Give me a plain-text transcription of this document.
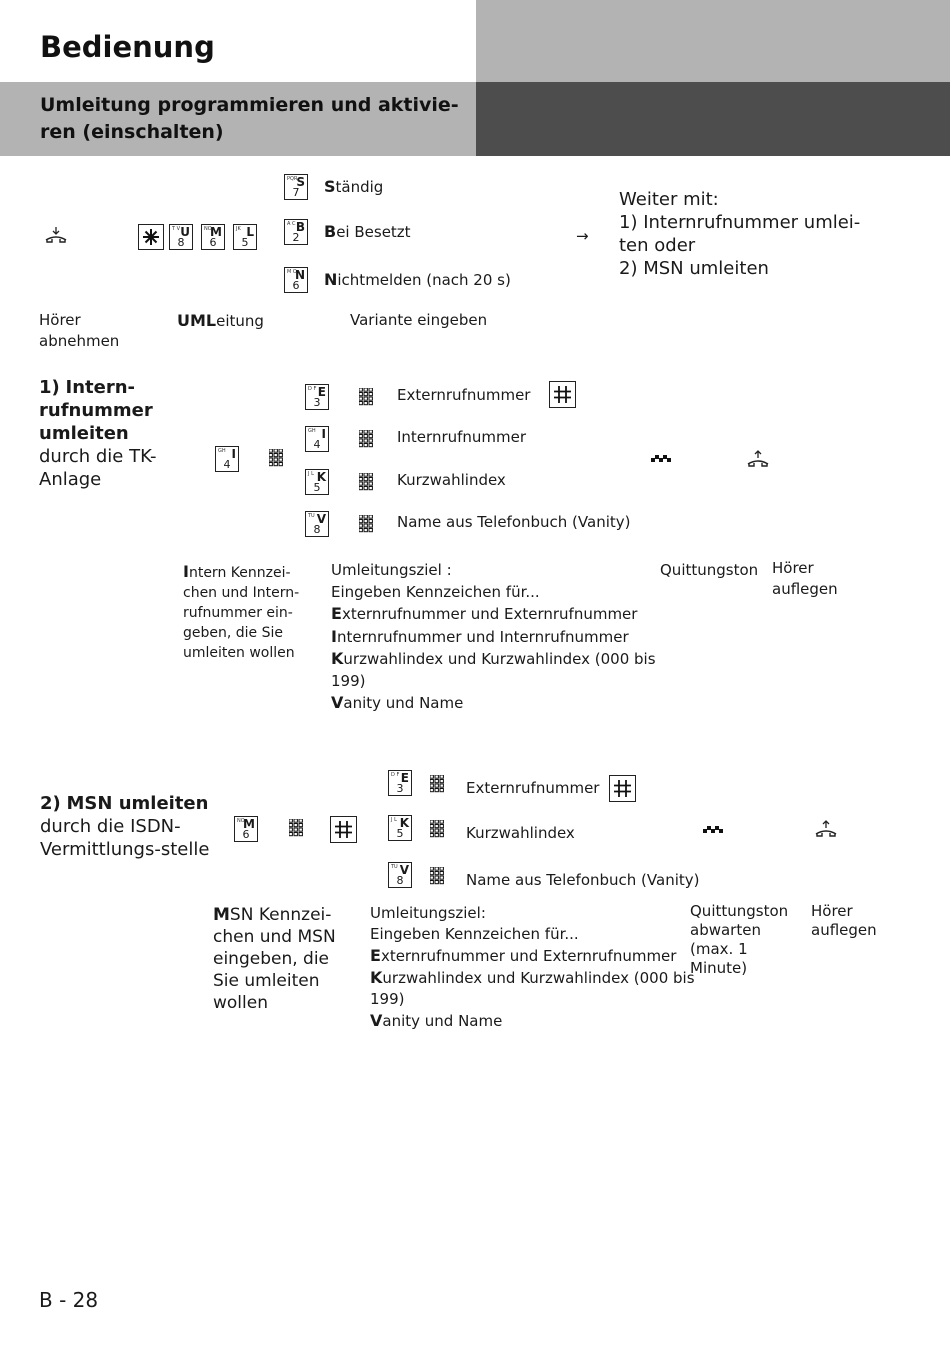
Bedienung
Umleitung programmieren und aktivie-ren (einschalten)
→
Weiter mit:
1) Internrufnummer umlei-ten oder
2) MSN umleiten
Hörer abnehmen
UMLeitung	Variante eingeben
1) Intern-rufnummer umleiten durch die TK-Anlage
Intern Kennzei-chen und Intern-rufnummer ein-geben, die Sie umleiten wollen
Umleitungsziel :
Eingeben Kennzeichen für...
Externrufnummer und Externrufnummer
Internrufnummer und Internrufnummer
Kurzwahlindex und Kurzwahlindex (000 bis 199)
Vanity und Name
Quittungston Hörer auflegen
2) MSN umleiten
durch die ISDN-Vermittlungs-stelle
MSN Kennzei-chen und MSN eingeben, die Sie umleiten wollen
Umleitungsziel:
Eingeben Kennzeichen für...
Externrufnummer und Externrufnummer
Kurzwahlindex und Kurzwahlindex (000 bis 199)
Vanity und Name
Quittungston abwarten (max. 1 Minute)
Hörer auflegen
B - 28
T V U
8
NO
M
6
JK L
5
PQR
S
7	Ständig
A C B
2	Bei Besetzt
M O
N
6	Nichtmelden (nach 20 s)
GH I
4
D F E
3	Externrufnummer
GH I
4	Internrufnummer
J L K
5	Kurzwahlindex
TU V
8	Name aus Telefonbuch (Vanity)
NO
M
6
D F E
3	Externrufnummer
J L K
5	Kurzwahlindex
TU V
8	Name aus Telefonbuch (Vanity)
